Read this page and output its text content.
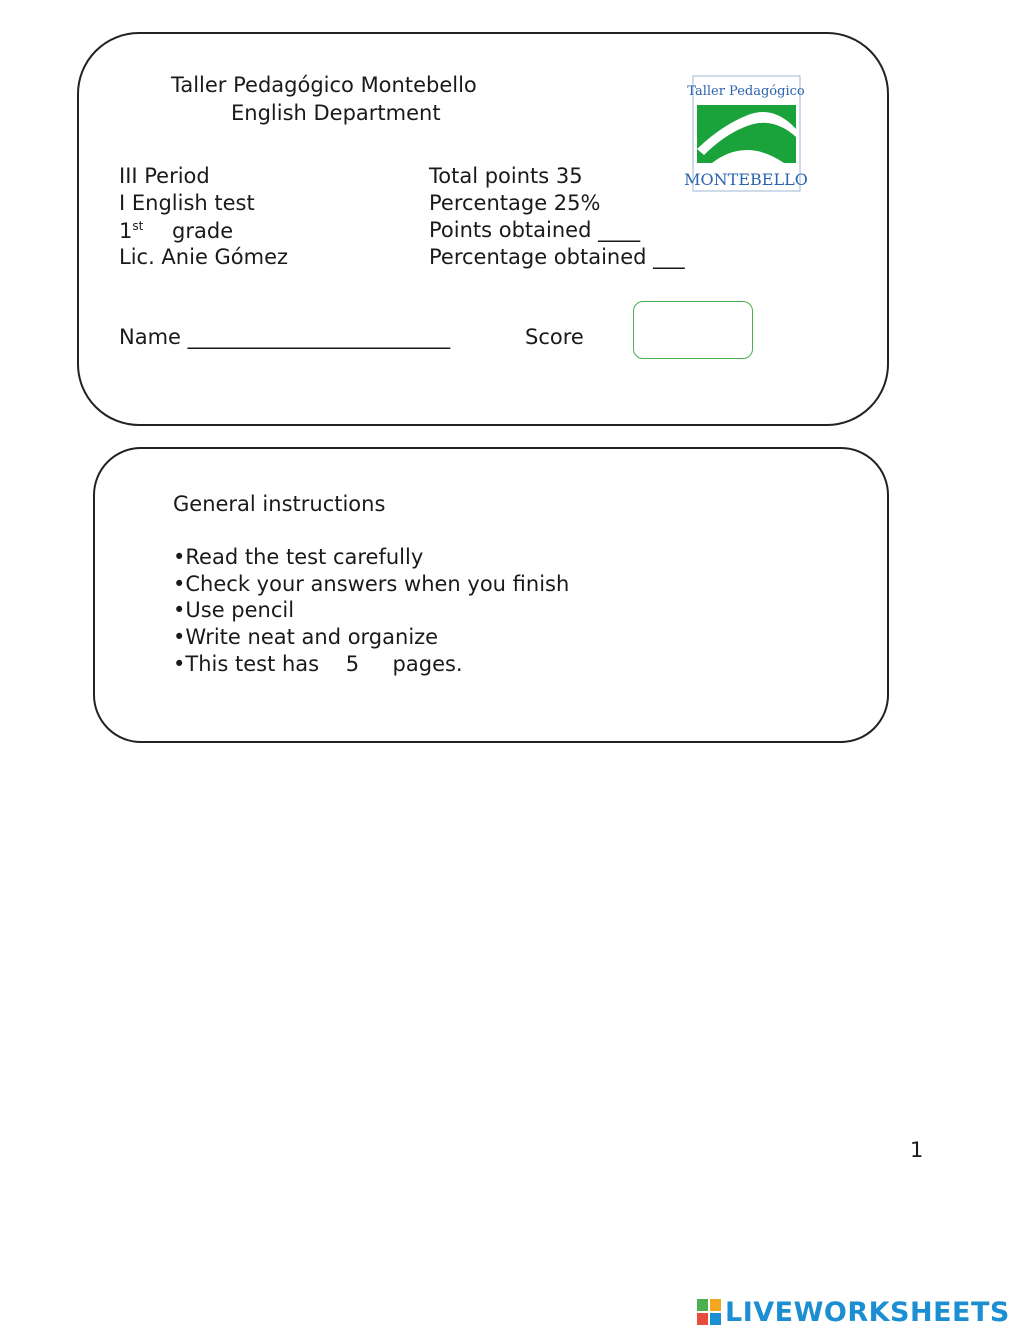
Taller Pedagógico Montebello
English Department
Taller Pedagógico
MONTEBELLO
III Period
I English test
1st grade
Lic. Anie Gómez
Total points 35
Percentage 25%
Points obtained ____
Percentage obtained ___
Name _________________________	Score
General instructions
•Read the test carefully
•Check your answers when you finish
•Use pencil
•Write neat and organize
•This test has    5     pages.
1
LIVEWORKSHEETS
